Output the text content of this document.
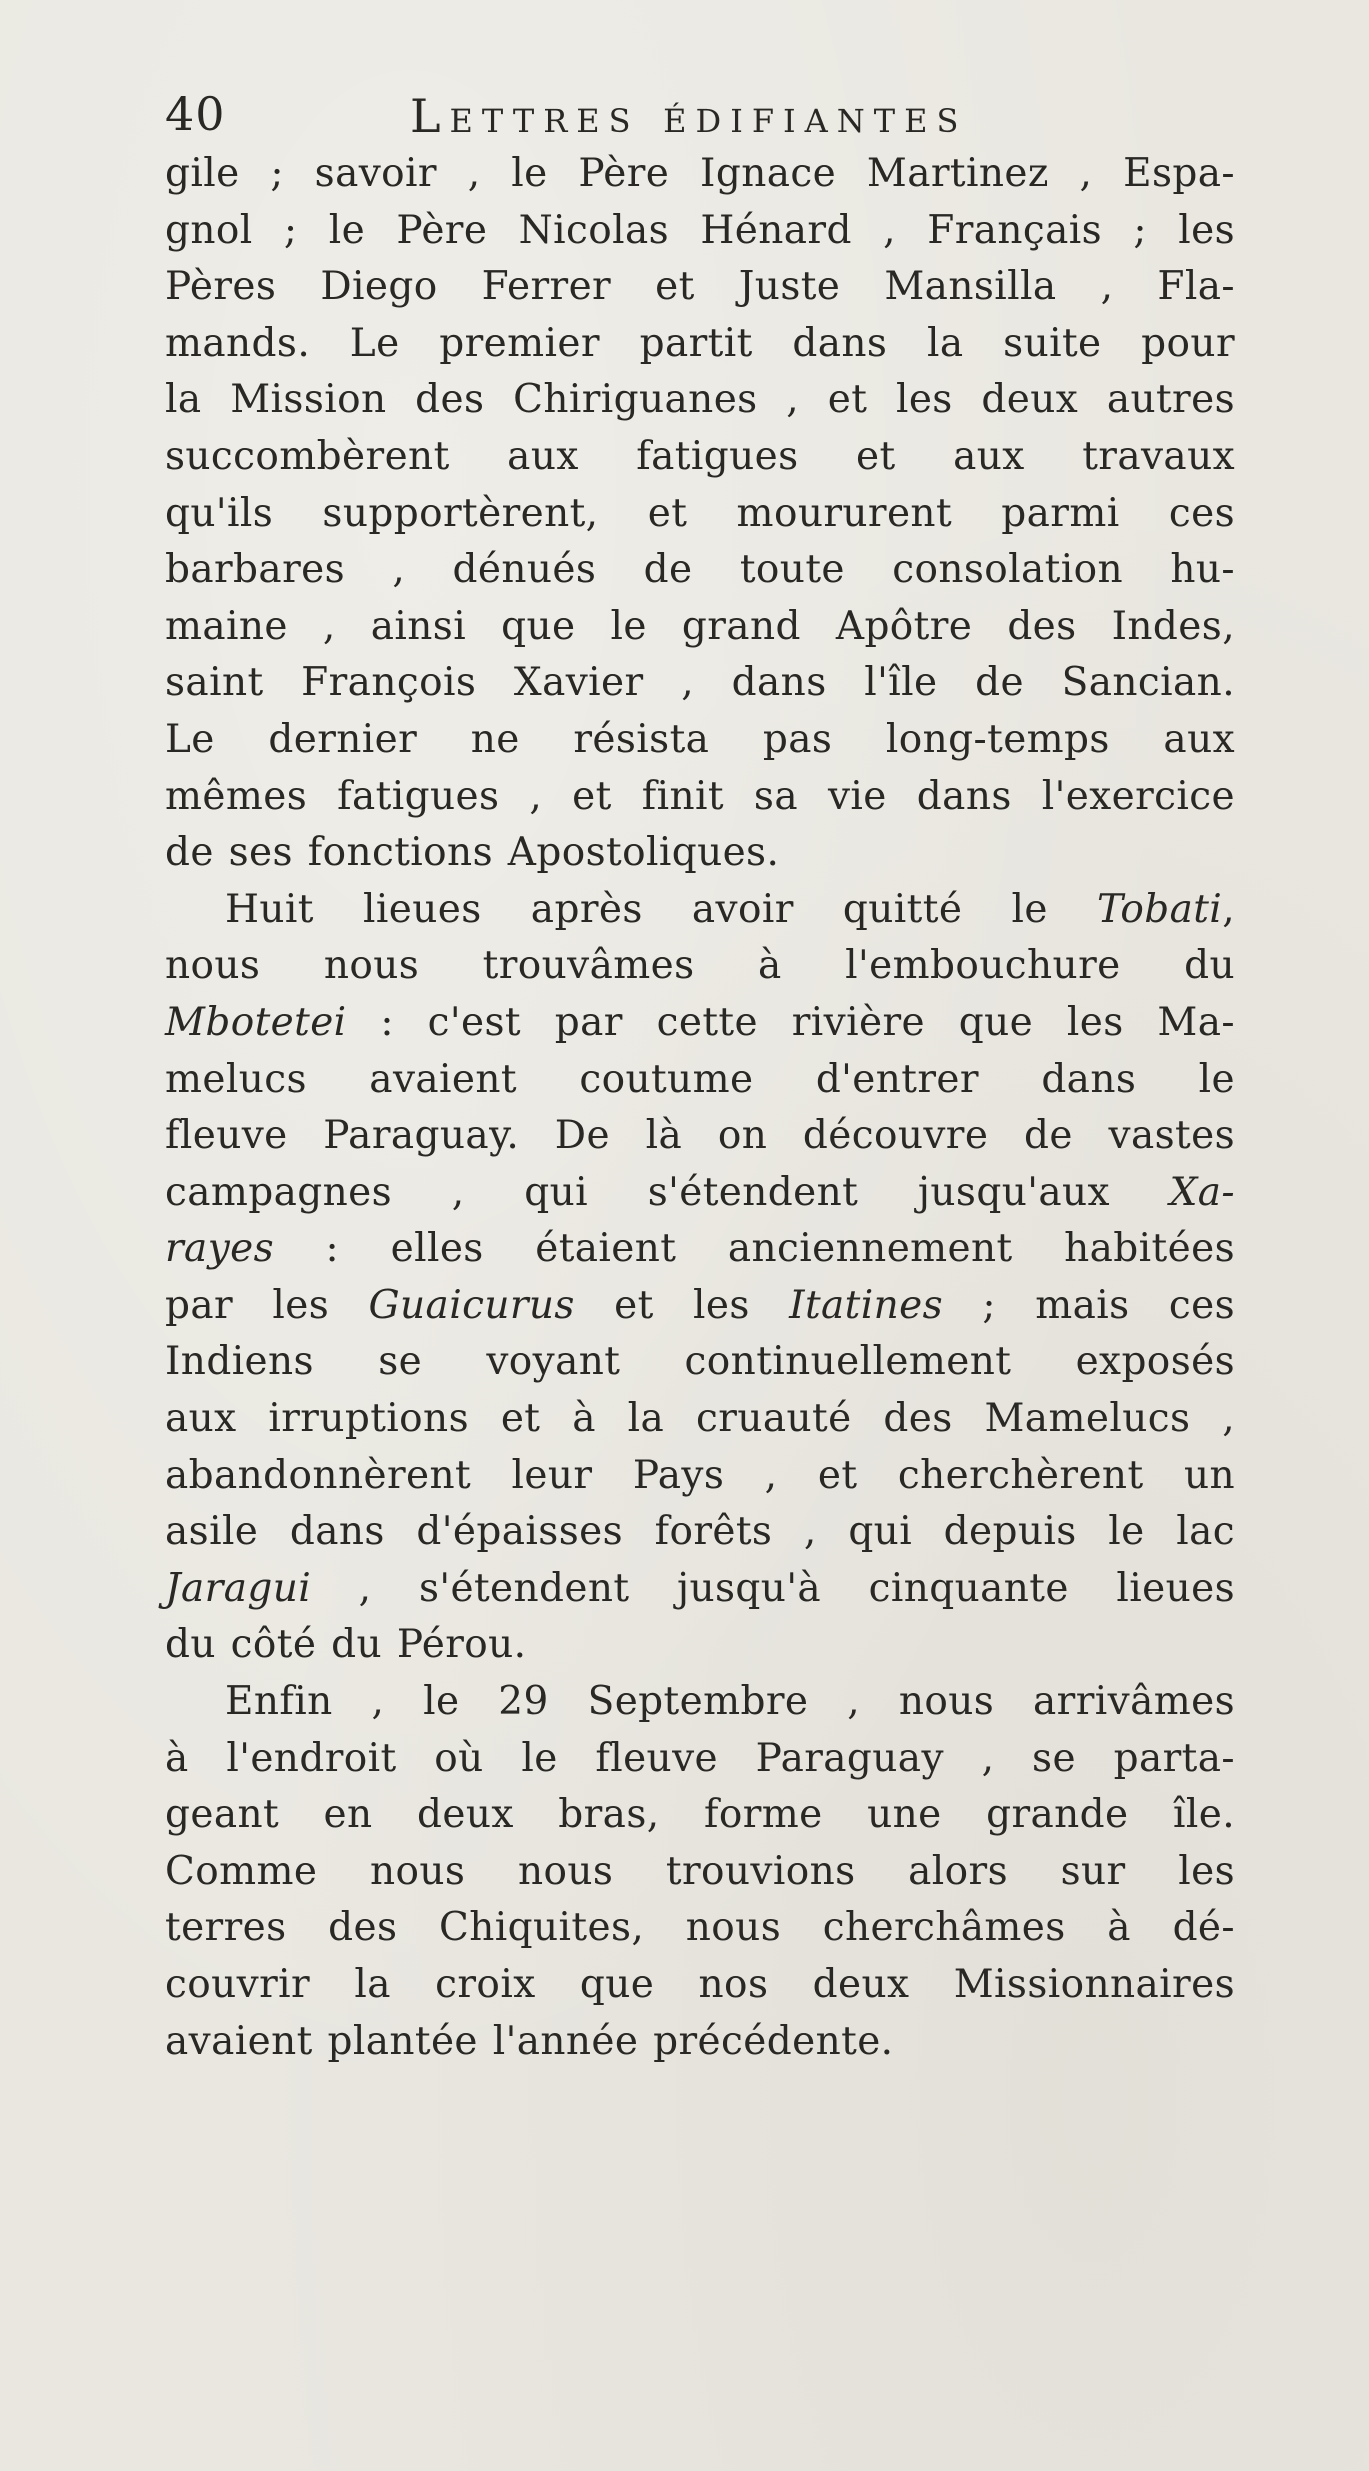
40	Lettres édifiantes
gile ; savoir , le Père Ignace Martinez , Espa-
gnol ; le Père Nicolas Hénard , Français ; les
Pères Diego Ferrer et Juste Mansilla , Fla-
mands. Le premier partit dans la suite pour
la Mission des Chiriguanes , et les deux autres
succombèrent aux fatigues et aux travaux
qu'ils supportèrent, et moururent parmi ces
barbares , dénués de toute consolation hu-
maine , ainsi que le grand Apôtre des Indes,
saint François Xavier , dans l'île de Sancian.
Le dernier ne résista pas long-temps aux
mêmes fatigues , et finit sa vie dans l'exercice
de ses fonctions Apostoliques.
Huit lieues après avoir quitté le Tobati,
nous nous trouvâmes à l'embouchure du
Mbotetei : c'est par cette rivière que les Ma-
melucs avaient coutume d'entrer dans le
fleuve Paraguay. De là on découvre de vastes
campagnes , qui s'étendent jusqu'aux Xa-
rayes : elles étaient anciennement habitées
par les Guaicurus et les Itatines ; mais ces
Indiens se voyant continuellement exposés
aux irruptions et à la cruauté des Mamelucs ,
abandonnèrent leur Pays , et cherchèrent un
asile dans d'épaisses forêts , qui depuis le lac
Jaragui , s'étendent jusqu'à cinquante lieues
du côté du Pérou.
Enfin , le 29 Septembre , nous arrivâmes
à l'endroit où le fleuve Paraguay , se parta-
geant en deux bras, forme une grande île.
Comme nous nous trouvions alors sur les
terres des Chiquites, nous cherchâmes à dé-
couvrir la croix que nos deux Missionnaires
avaient plantée l'année précédente.
